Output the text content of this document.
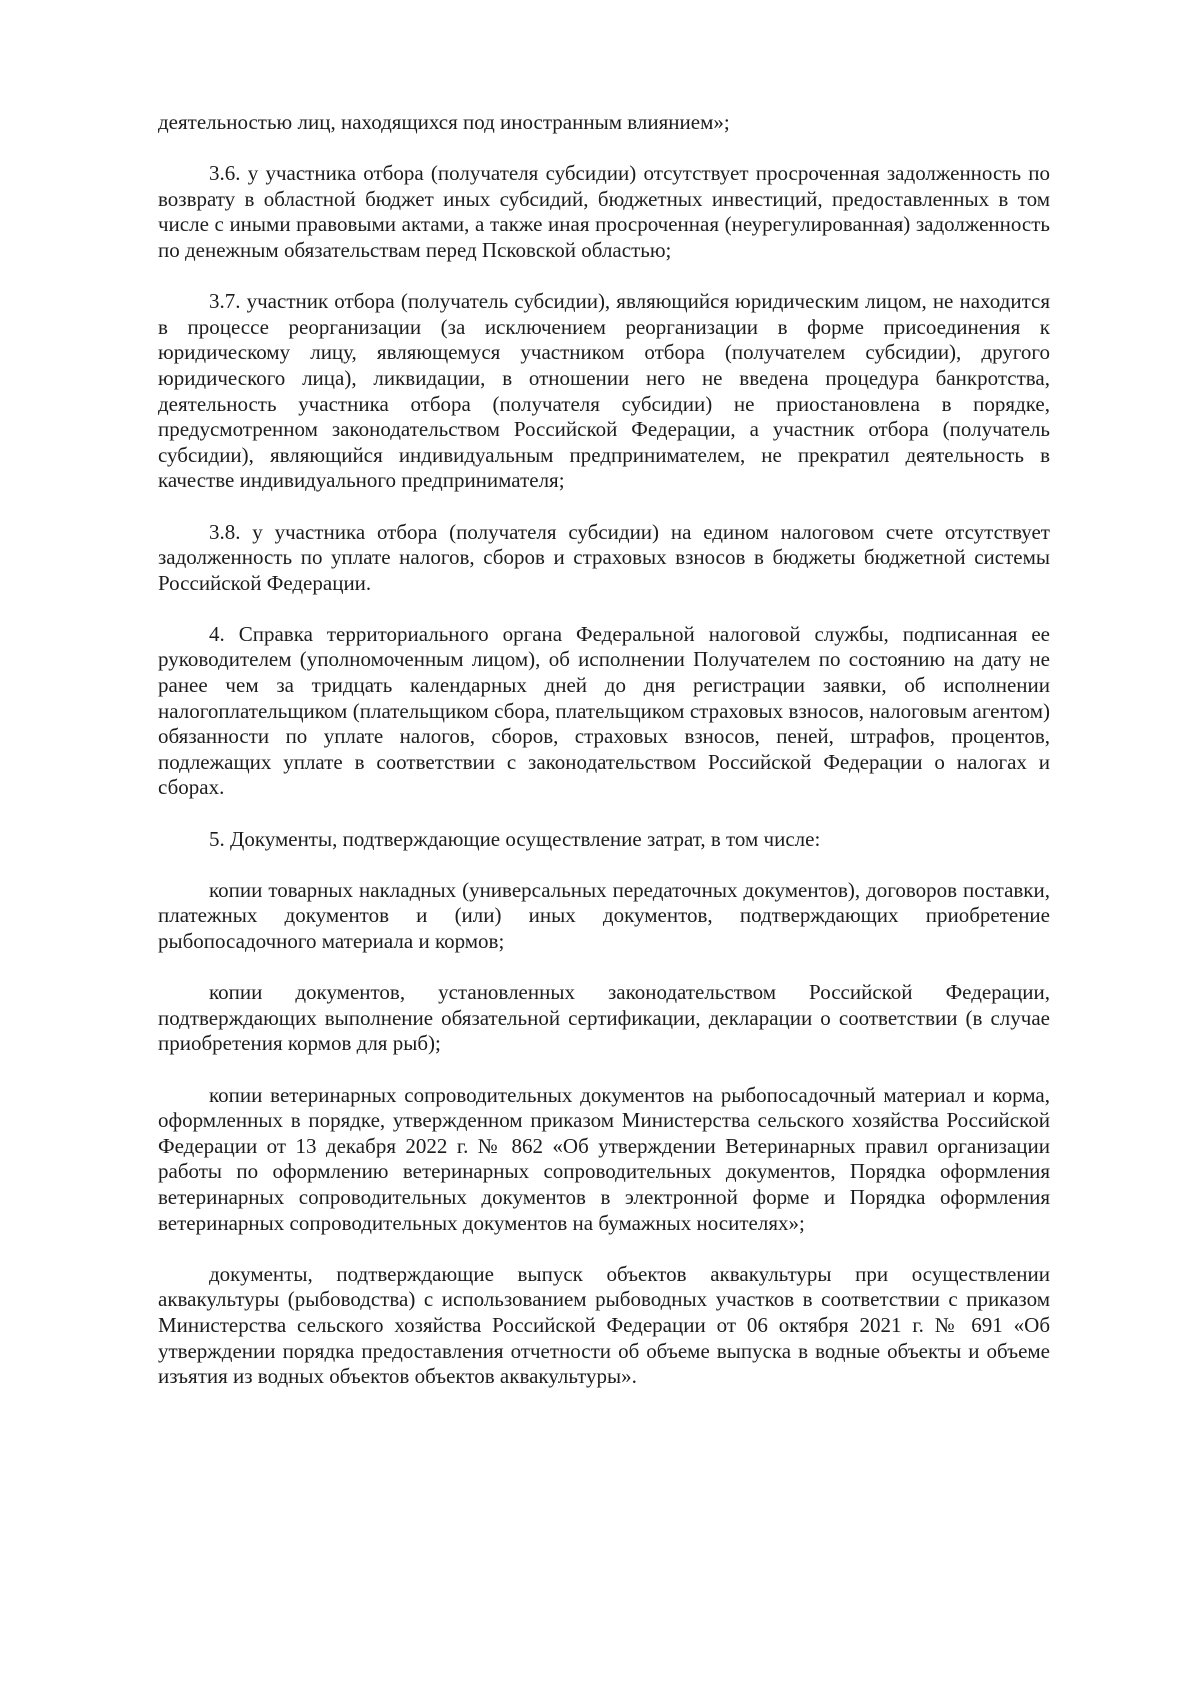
деятельностью лиц, находящихся под иностранным влиянием»;

3.6. у участника отбора (получателя субсидии) отсутствует просроченная задолженность по возврату в областной бюджет иных субсидий, бюджетных инвестиций, предоставленных в том числе с иными правовыми актами, а также иная просроченная (неурегулированная) задолженность по денежным обязательствам перед Псковской областью;

3.7. участник отбора (получатель субсидии), являющийся юридическим лицом, не находится в процессе реорганизации (за исключением реорганизации в форме присоединения к юридическому лицу, являющемуся участником отбора (получателем субсидии), другого юридического лица), ликвидации, в отношении него не введена процедура банкротства, деятельность участника отбора (получателя субсидии) не приостановлена в порядке, предусмотренном законодательством Российской Федерации, а участник отбора (получатель субсидии), являющийся индивидуальным предпринимателем, не прекратил деятельность в качестве индивидуального предпринимателя;

3.8. у участника отбора (получателя субсидии) на едином налоговом счете отсутствует задолженность по уплате налогов, сборов и страховых взносов в бюджеты бюджетной системы Российской Федерации.

4. Справка территориального органа Федеральной налоговой службы, подписанная ее руководителем (уполномоченным лицом), об исполнении Получателем по состоянию на дату не ранее чем за тридцать календарных дней до дня регистрации заявки, об исполнении налогоплательщиком (плательщиком сбора, плательщиком страховых взносов, налоговым агентом) обязанности по уплате налогов, сборов, страховых взносов, пеней, штрафов, процентов, подлежащих уплате в соответствии с законодательством Российской Федерации о налогах и сборах.

5. Документы, подтверждающие осуществление затрат, в том числе:

копии товарных накладных (универсальных передаточных документов), договоров поставки, платежных документов и (или) иных документов, подтверждающих приобретение рыбопосадочного материала и кормов;

копии документов, установленных законодательством Российской Федерации, подтверждающих выполнение обязательной сертификации, декларации о соответствии (в случае приобретения кормов для рыб);

копии ветеринарных сопроводительных документов на рыбопосадочный материал и корма, оформленных в порядке, утвержденном приказом Министерства сельского хозяйства Российской Федерации от 13 декабря 2022 г. № 862 «Об утверждении Ветеринарных правил организации работы по оформлению ветеринарных сопроводительных документов, Порядка оформления ветеринарных сопроводительных документов в электронной форме и Порядка оформления ветеринарных сопроводительных документов на бумажных носителях»;

документы, подтверждающие выпуск объектов аквакультуры при осуществлении аквакультуры (рыбоводства) с использованием рыбоводных участков в соответствии с приказом Министерства сельского хозяйства Российской Федерации от 06 октября 2021 г. № 691 «Об утверждении порядка предоставления отчетности об объеме выпуска в водные объекты и объеме изъятия из водных объектов объектов аквакультуры».
